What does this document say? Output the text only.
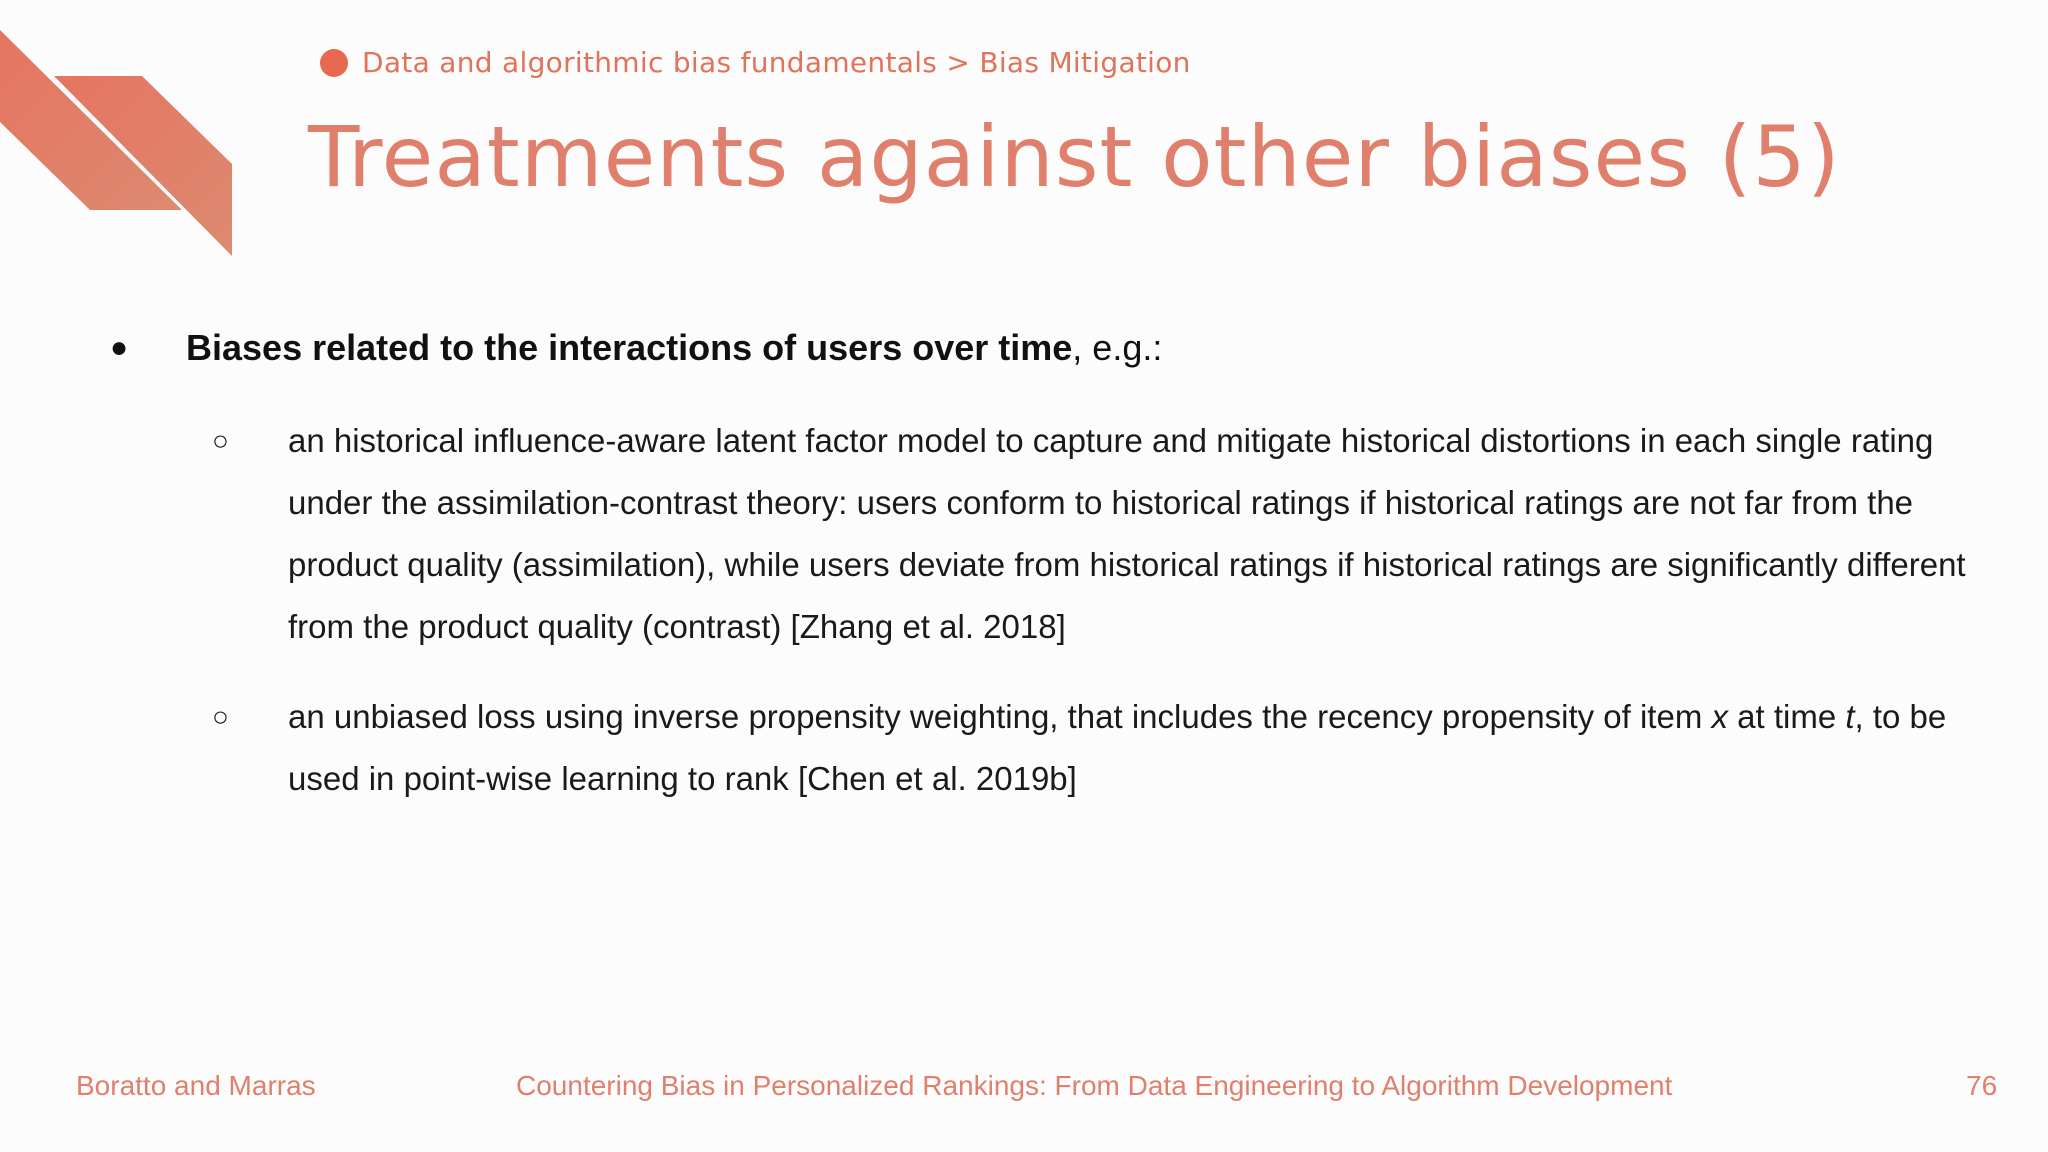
Data and algorithmic bias fundamentals > Bias Mitigation
Treatments against other biases (5)
●	Biases related to the interactions of users over time, e.g.:
○ an historical influence-aware latent factor model to capture and mitigate historical distortions in each single rating under the assimilation-contrast theory: users conform to historical ratings if historical ratings are not far from the product quality (assimilation), while users deviate from historical ratings if historical ratings are significantly different from the product quality (contrast) [Zhang et al. 2018]
○ an unbiased loss using inverse propensity weighting, that includes the recency propensity of item x at time t, to be used in point-wise learning to rank [Chen et al. 2019b]
Boratto and Marras	Countering Bias in Personalized Rankings: From Data Engineering to Algorithm Development	76
